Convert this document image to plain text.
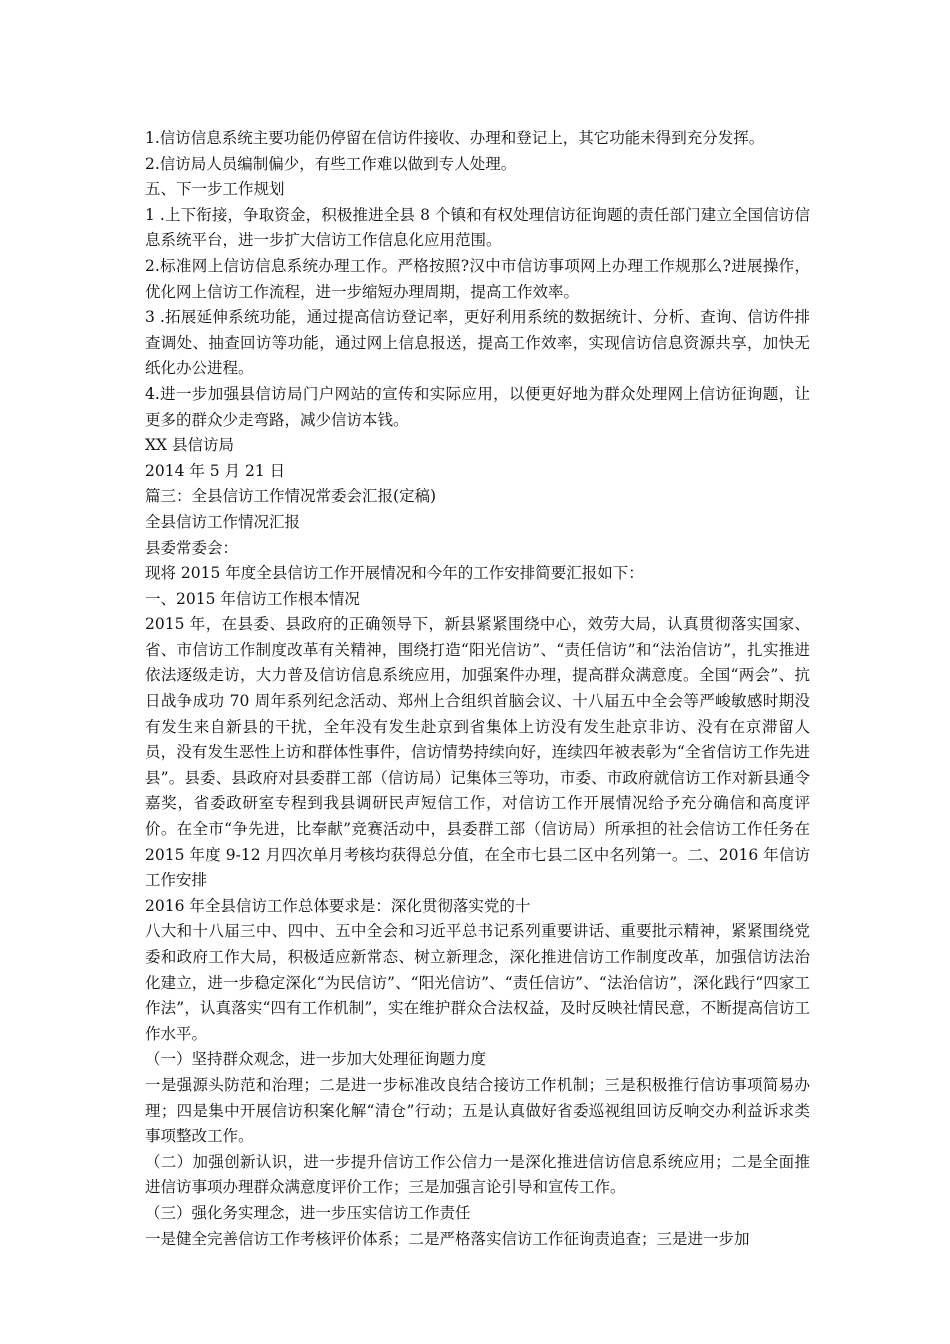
1.信访信息系统主要功能仍停留在信访件接收、办理和登记上，其它功能未得到充分发挥。

2.信访局人员编制偏少，有些工作难以做到专人处理。

五、下一步工作规划

1 .上下衔接，争取资金，积极推进全县 8 个镇和有权处理信访征询题的责任部门建立全国信访信息系统平台，进一步扩大信访工作信息化应用范围。

2.标准网上信访信息系统办理工作。严格按照?汉中市信访事项网上办理工作规那么?进展操作，优化网上信访工作流程，进一步缩短办理周期，提高工作效率。

3 .拓展延伸系统功能，通过提高信访登记率，更好利用系统的数据统计、分析、查询、信访件排查调处、抽查回访等功能，通过网上信息报送，提高工作效率，实现信访信息资源共享，加快无纸化办公进程。

4.进一步加强县信访局门户网站的宣传和实际应用，以便更好地为群众处理网上信访征询题，让更多的群众少走弯路，减少信访本钱。

XX 县信访局

2014 年 5 月 21 日

篇三：全县信访工作情况常委会汇报(定稿)

全县信访工作情况汇报

县委常委会：

现将 2015 年度全县信访工作开展情况和今年的工作安排简要汇报如下：

一、2015 年信访工作根本情况

2015 年，在县委、县政府的正确领导下，新县紧紧围绕中心，效劳大局，认真贯彻落实国家、省、市信访工作制度改革有关精神，围绕打造“阳光信访”、“责任信访”和“法治信访”，扎实推进依法逐级走访，大力普及信访信息系统应用，加强案件办理，提高群众满意度。全国“两会”、抗日战争成功 70 周年系列纪念活动、郑州上合组织首脑会议、十八届五中全会等严峻敏感时期没有发生来自新县的干扰，全年没有发生赴京到省集体上访没有发生赴京非访、没有在京滞留人员，没有发生恶性上访和群体性事件，信访情势持续向好，连续四年被表彰为“全省信访工作先进县”。县委、县政府对县委群工部（信访局）记集体三等功，市委、市政府就信访工作对新县通令嘉奖，省委政研室专程到我县调研民声短信工作，对信访工作开展情况给予充分确信和高度评价。在全市“争先进，比奉献”竞赛活动中，县委群工部（信访局）所承担的社会信访工作任务在 2015 年度 9-12 月四次单月考核均获得总分值，在全市七县二区中名列第一。二、2016 年信访工作安排

2016 年全县信访工作总体要求是：深化贯彻落实党的十

八大和十八届三中、四中、五中全会和习近平总书记系列重要讲话、重要批示精神，紧紧围绕党委和政府工作大局，积极适应新常态、树立新理念，深化推进信访工作制度改革，加强信访法治化建立，进一步稳定深化“为民信访”、“阳光信访”、“责任信访”、“法治信访”，深化践行“四家工作法”，认真落实“四有工作机制”，实在维护群众合法权益，及时反映社情民意，不断提高信访工作水平。

（一）坚持群众观念，进一步加大处理征询题力度

一是强源头防范和治理；二是进一步标准改良结合接访工作机制；三是积极推行信访事项简易办理；四是集中开展信访积案化解“清仓”行动；五是认真做好省委巡视组回访反响交办利益诉求类事项整改工作。

（二）加强创新认识，进一步提升信访工作公信力一是深化推进信访信息系统应用；二是全面推进信访事项办理群众满意度评价工作；三是加强言论引导和宣传工作。

（三）强化务实理念，进一步压实信访工作责任

一是健全完善信访工作考核评价体系；二是严格落实信访工作征询责追查；三是进一步加
